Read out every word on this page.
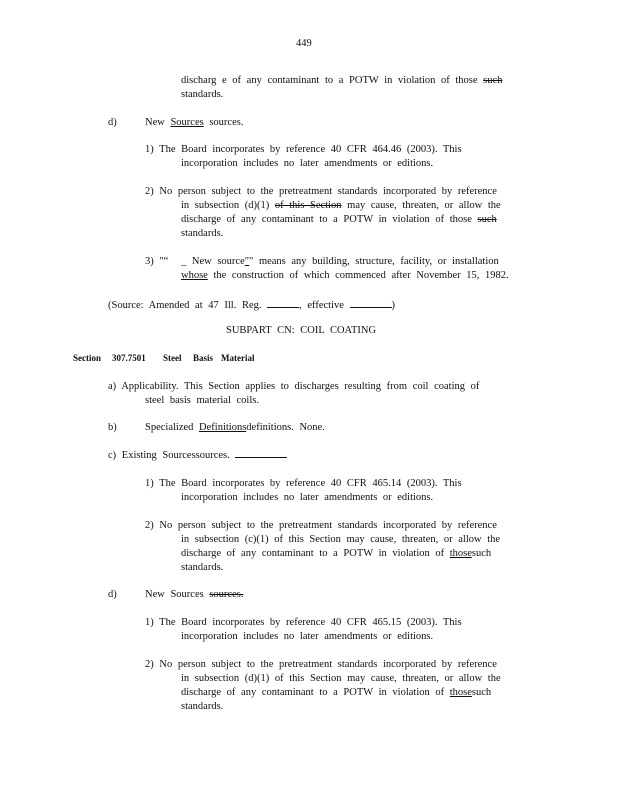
449
discharg e of any contaminant to a POTW in violation of those such
standards.
d)	New Sources sources.
1) The Board incorporates by reference 40 CFR 464.46 (2003). This
incorporation includes no later amendments or editions.
2) No person subject to the pretreatment standards incorporated by reference
in subsection (d)(1) of this Section may cause, threaten, or allow the
discharge of any contaminant to a POTW in violation of those such
standards.
3) "“ _ New source"" means any building, structure, facility, or installation
whose the construction of which commenced after November 15, 1982.
(Source: Amended at 47 Ill. Reg.	, effective	)
SUBPART CN: COIL COATING
Section 307.7501 Steel Basis Material
a) Applicability. This Section applies to discharges resulting from coil coating of
steel basis material coils.
b)	Specialized Definitionsdefinitions. None.
c) Existing Sourcessources.
1) The Board incorporates by reference 40 CFR 465.14 (2003). This
incorporation includes no later amendments or editions.
2) No person subject to the pretreatment standards incorporated by reference
in subsection (c)(1) of this Section may cause, threaten, or allow the
discharge of any contaminant to a POTW in violation of thosesuch
standards.
d)	New Sources sources.
1) The Board incorporates by reference 40 CFR 465.15 (2003). This
incorporation includes no later amendments or editions.
2) No person subject to the pretreatment standards incorporated by reference
in subsection (d)(1) of this Section may cause, threaten, or allow the
discharge of any contaminant to a POTW in violation of thosesuch
standards.
